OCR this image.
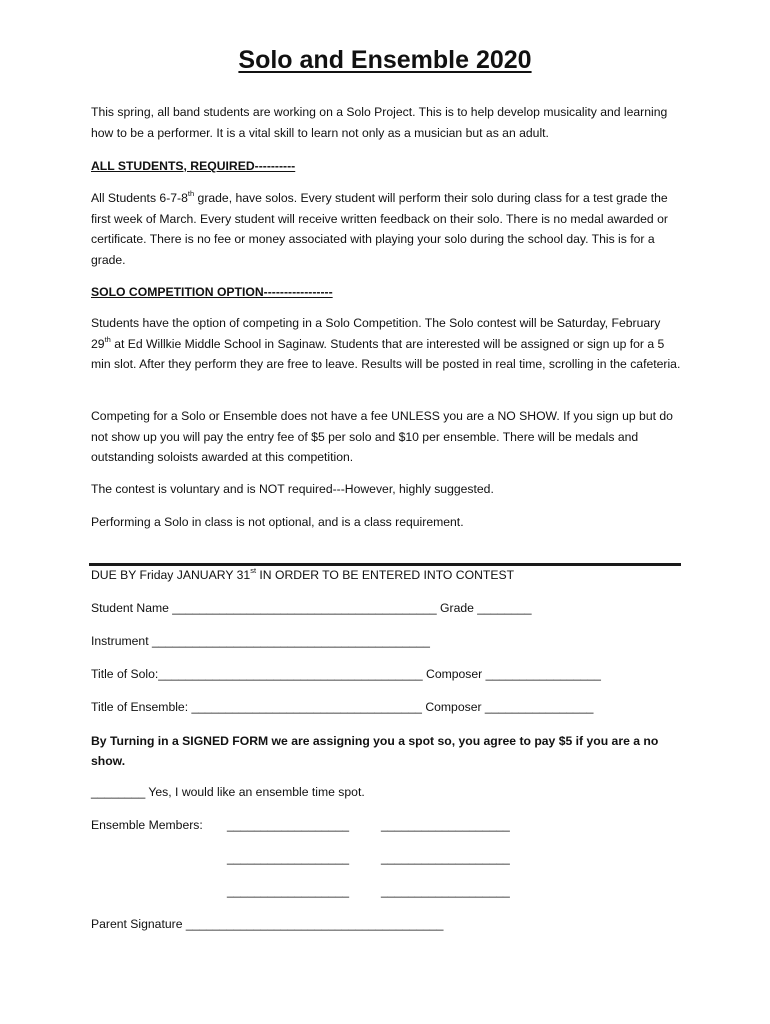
Solo and Ensemble 2020
This spring, all band students are working on a Solo Project. This is to help develop musicality and learning how to be a performer. It is a vital skill to learn not only as a musician but as an adult.
ALL STUDENTS, REQUIRED----------
All Students 6-7-8th grade, have solos. Every student will perform their solo during class for a test grade the first week of March. Every student will receive written feedback on their solo. There is no medal awarded or certificate. There is no fee or money associated with playing your solo during the school day. This is for a grade.
SOLO COMPETITION OPTION-----------------
Students have the option of competing in a Solo Competition. The Solo contest will be Saturday, February 29th at Ed Willkie Middle School in Saginaw. Students that are interested will be assigned or sign up for a 5 min slot. After they perform they are free to leave. Results will be posted in real time, scrolling in the cafeteria.
Competing for a Solo or Ensemble does not have a fee UNLESS you are a NO SHOW. If you sign up but do not show up you will pay the entry fee of $5 per solo and $10 per ensemble. There will be medals and outstanding soloists awarded at this competition.
The contest is voluntary and is NOT required---However, highly suggested.
Performing a Solo in class is not optional, and is a class requirement.
DUE BY Friday JANUARY 31st IN ORDER TO BE ENTERED INTO CONTEST
Student Name _______________________________________ Grade ________
Instrument _________________________________________
Title of Solo:_______________________________________ Composer _________________
Title of Ensemble: __________________________________ Composer ________________
By Turning in a SIGNED FORM we are assigning you a spot so, you agree to pay $5 if you are a no show.
________ Yes, I would like an ensemble time spot.
Ensemble Members: __________________	___________________
__________________	___________________
__________________	___________________
Parent Signature ______________________________________
